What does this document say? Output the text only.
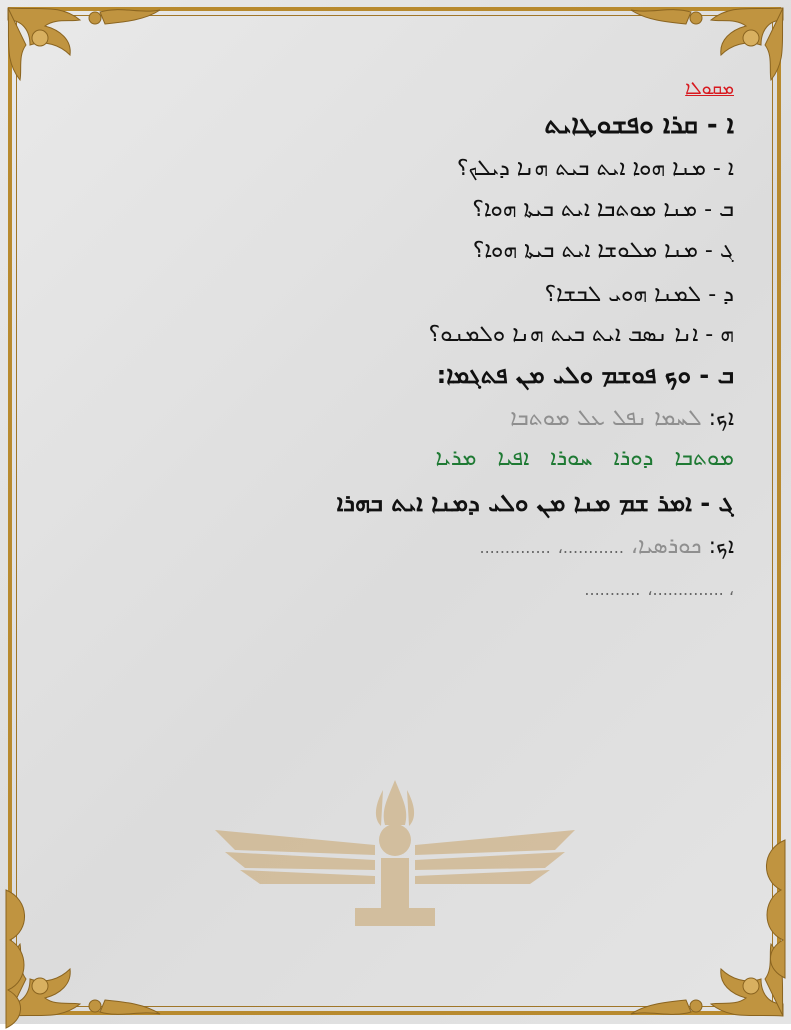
ܡܩܘܠܐ
ܐ - ܩܪܐ ܘܦܫܘܛܐܝܬ
ܐ - ܡܢܐ ܗܘܐ ܐܝܬ ܒܝܬ ܗܢܐ ܕܝܠܟ؟
ܒ - ܡܢܐ ܡܘܬܒܐ ܐܝܬ ܒܝܬܐ ܗܘܐ؟
ܓ - ܡܢܐ ܡܠܘܫܐ ܐܝܬ ܒܝܬܐ ܗܘܐ؟
ܕ - ܠܡܢܐ ܗܘܝ ܠܒܫܐ؟
ܗ - ܐܢܐ ܢܣܒ ܐܝܬ ܒܝܬ ܗܢܐ ܘܠܡܢܘ؟
ܒ - ܘܟ ܦܘܫܡ ܘܠܝ ܡܢ ܦܬܓܡܐ:
ܐܟ: ܠܚܡܐ ܢܦܠ ܥܠ ܡܘܬܒܐ
ܡܘܬܒܐ ܕܘܪܐ ܚܘܪܐ ܐܦܝܐ ܡܪܝܐ
ܓ - ܐܡܪ ܫܡ ܡܢܐ ܡܢ ܘܠܝ ܕܡܢܐ ܐܝܬ ܒܗܪܐ
ܐܟ: ܟܘܪܣܝܐ، ............، ..............
، ..............، ...........
